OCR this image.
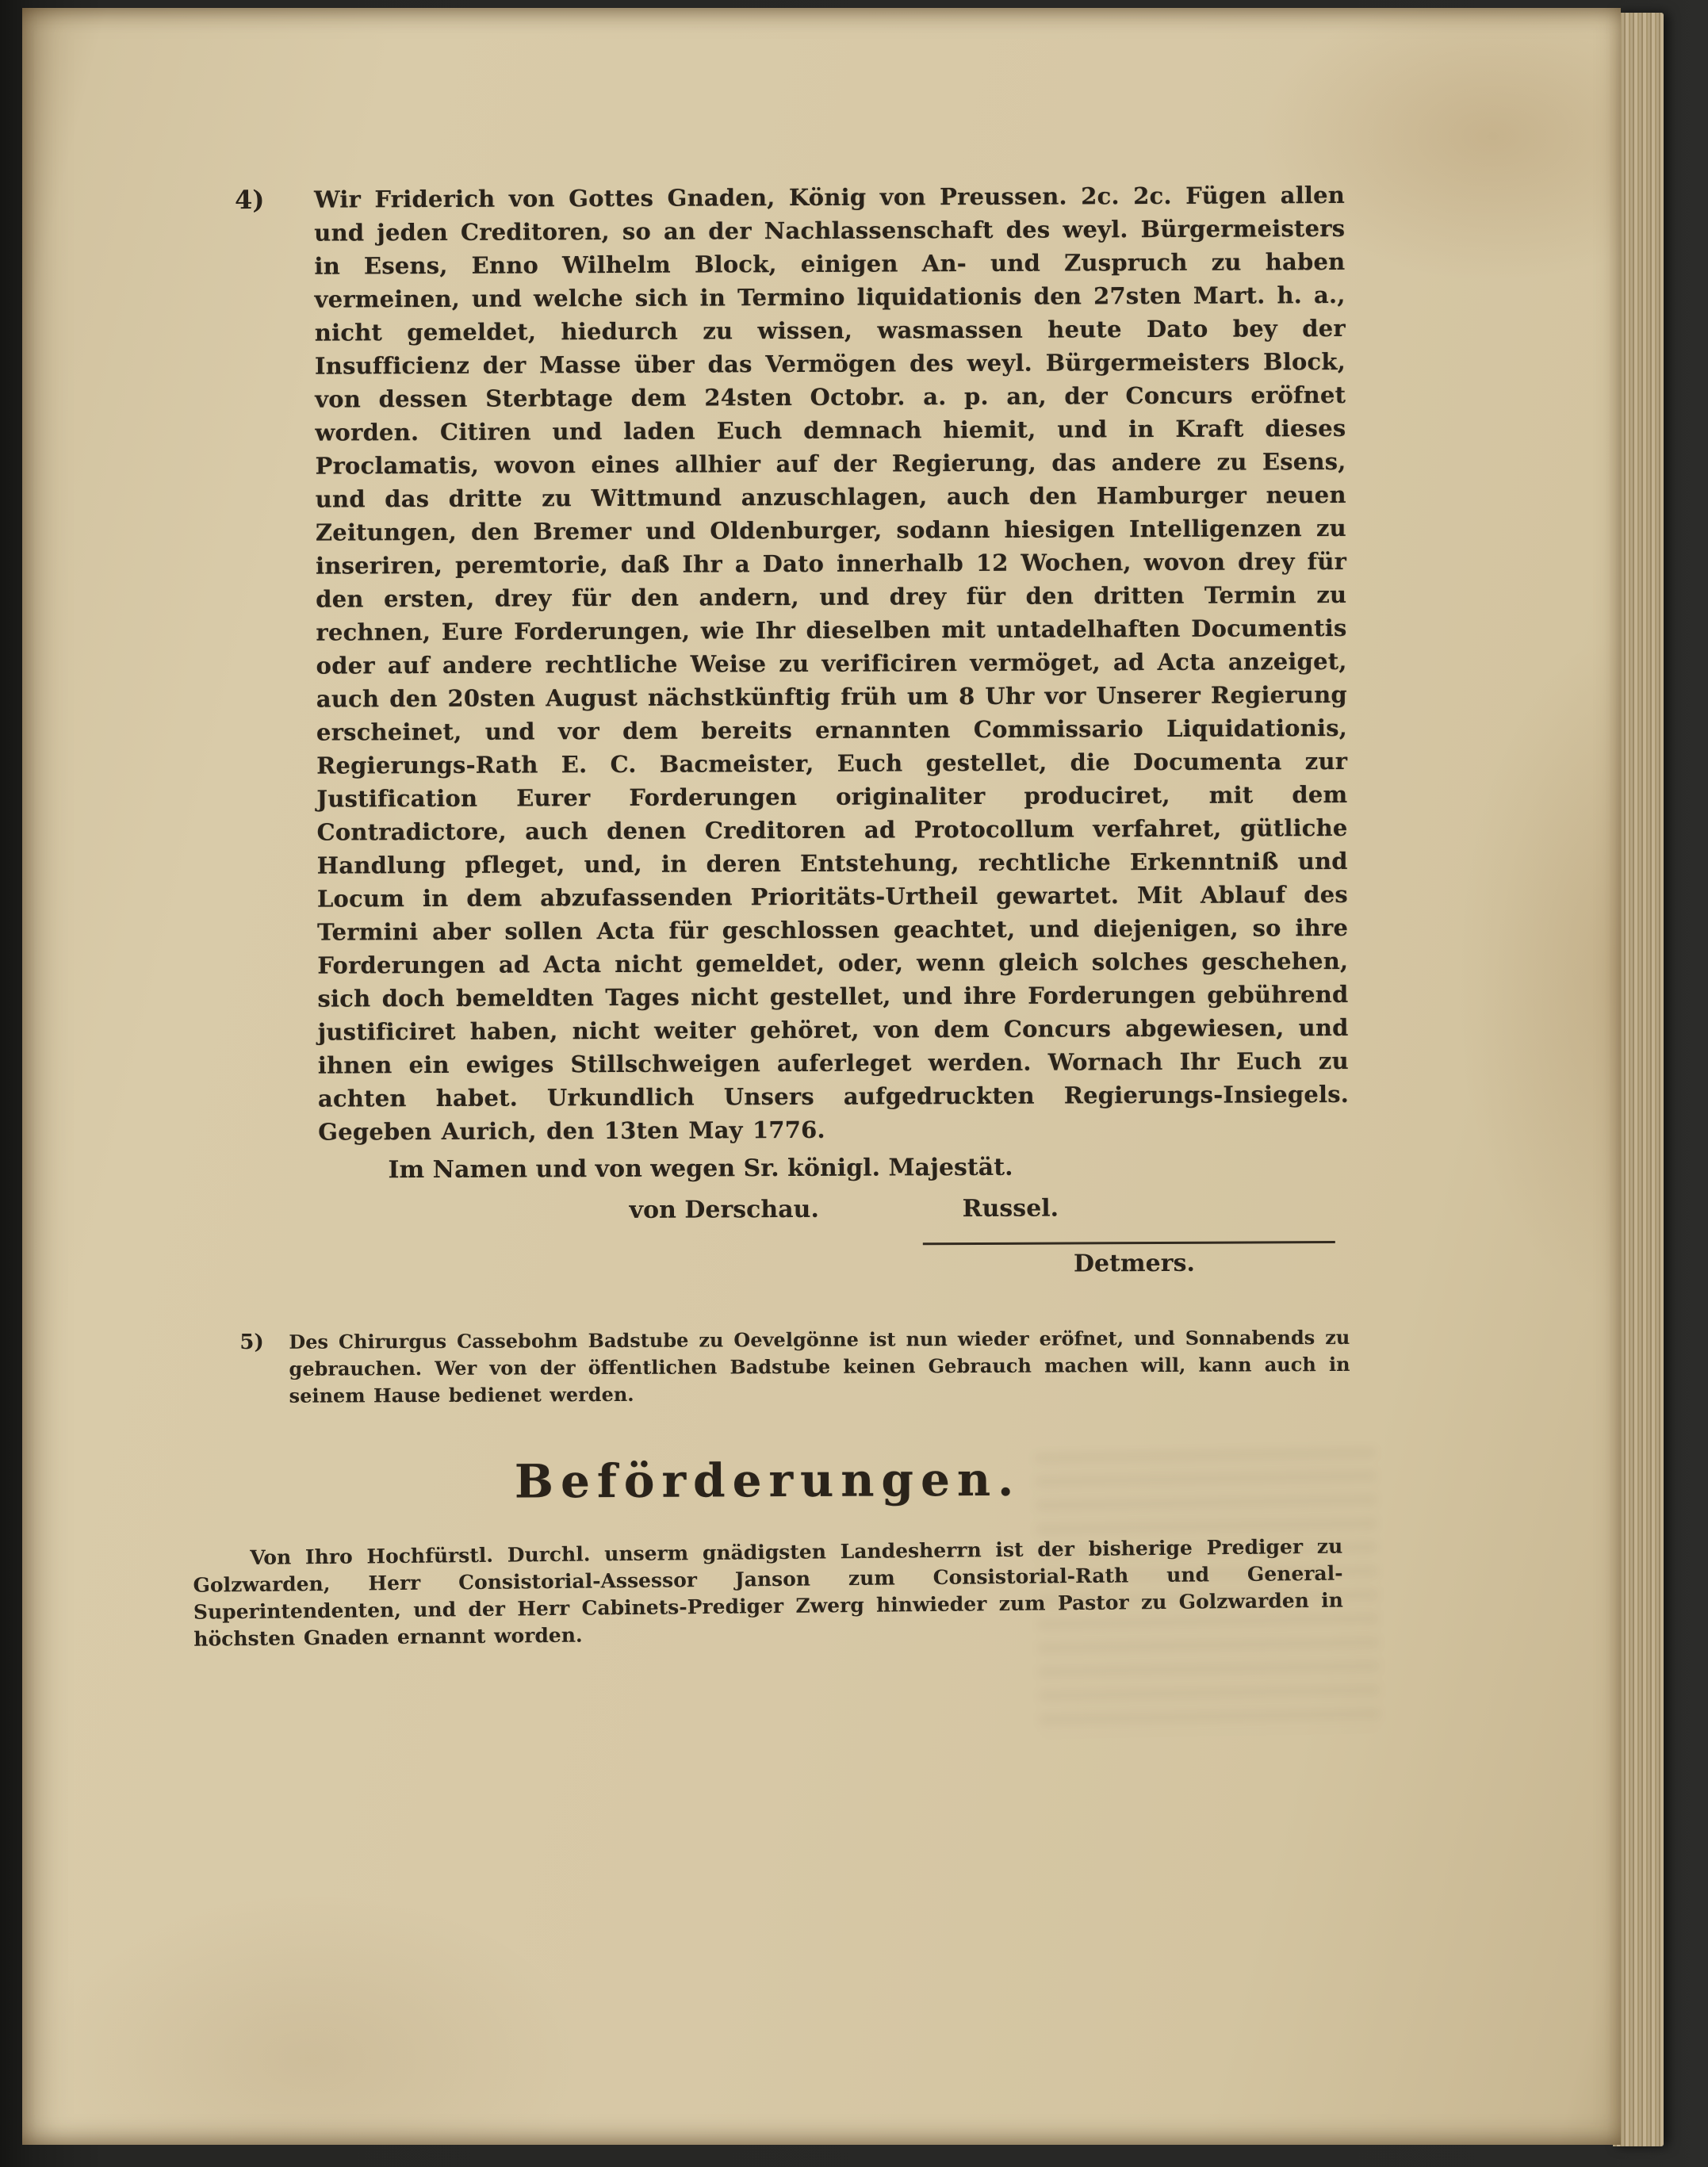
4)	Wir Friderich von Gottes Gnaden, König von Preussen. 2c. 2c. Fügen allen und jeden Creditoren, so an der Nachlassenschaft des weyl. Bürgermeisters in Esens, Enno Wilhelm Block, einigen An- und Zuspruch zu haben vermeinen, und welche sich in Termino liquidationis den 27sten Mart. h. a., nicht gemeldet, hiedurch zu wissen, wasmassen heute Dato bey der Insufficienz der Masse über das Vermögen des weyl. Bürgermeisters Block, von dessen Sterbtage dem 24sten Octobr. a. p. an, der Concurs eröfnet worden. Citiren und laden Euch demnach hiemit, und in Kraft dieses Proclamatis, wovon eines allhier auf der Regierung, das andere zu Esens, und das dritte zu Wittmund anzuschlagen, auch den Hamburger neuen Zeitungen, den Bremer und Oldenburger, sodann hiesigen Intelligenzen zu inseriren, peremtorie, daß Ihr a Dato innerhalb 12 Wochen, wovon drey für den ersten, drey für den andern, und drey für den dritten Termin zu rechnen, Eure Forderungen, wie Ihr dieselben mit untadelhaften Documentis oder auf andere rechtliche Weise zu verificiren vermöget, ad Acta anzeiget, auch den 20sten August nächstkünftig früh um 8 Uhr vor Unserer Regierung erscheinet, und vor dem bereits ernannten Commissario Liquidationis, Regierungs-Rath E. C. Bacmeister, Euch gestellet, die Documenta zur Justification Eurer Forderungen originaliter produciret, mit dem Contradictore, auch denen Creditoren ad Protocollum verfahret, gütliche Handlung pfleget, und, in deren Entstehung, rechtliche Erkenntniß und Locum in dem abzufassenden Prioritäts-Urtheil gewartet. Mit Ablauf des Termini aber sollen Acta für geschlossen geachtet, und diejenigen, so ihre Forderungen ad Acta nicht gemeldet, oder, wenn gleich solches geschehen, sich doch bemeldten Tages nicht gestellet, und ihre Forderungen gebührend justificiret haben, nicht weiter gehöret, von dem Concurs abgewiesen, und ihnen ein ewiges Stillschweigen auferleget werden. Wornach Ihr Euch zu achten habet. Urkundlich Unsers aufgedruckten Regierungs-Insiegels. Gegeben Aurich, den 13ten May 1776.

Im Namen und von wegen Sr. königl. Majestät.
von Derschau.	Russel.
Detmers.
5)	Des Chirurgus Cassebohm Badstube zu Oevelgönne ist nun wieder eröfnet, und Sonnabends zu gebrauchen. Wer von der öffentlichen Badstube keinen Gebrauch machen will, kann auch in seinem Hause bedienet werden.

Beförderungen.

Von Ihro Hochfürstl. Durchl. unserm gnädigsten Landesherrn ist der bisherige Prediger zu Golzwarden, Herr Consistorial-Assessor Janson zum Consistorial-Rath und General-Superintendenten, und der Herr Cabinets-Prediger Zwerg hinwieder zum Pastor zu Golzwarden in höchsten Gnaden ernannt worden.
